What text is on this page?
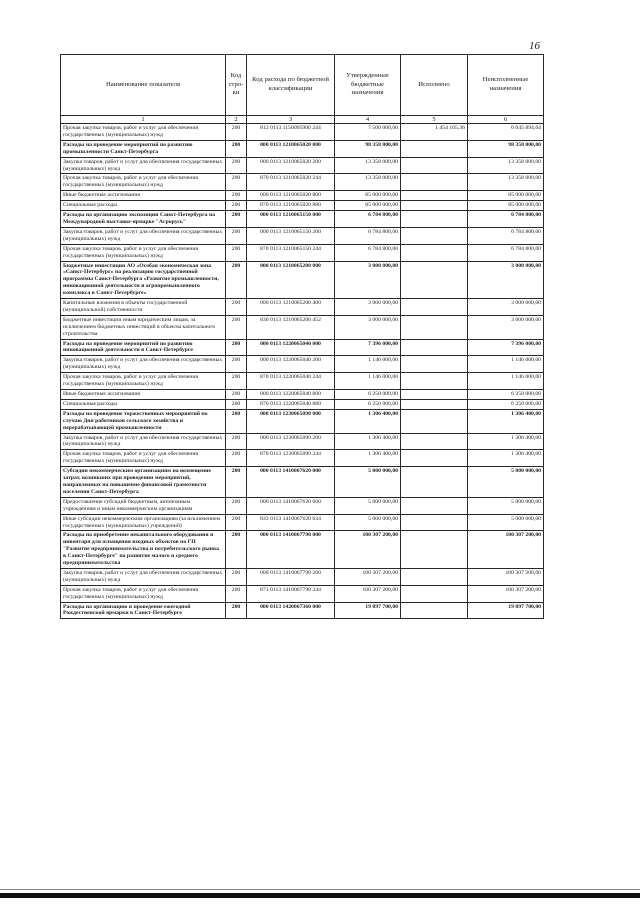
16
Наименование показателя	Код стро-ки	Код расхода по бюджетной классификации	Утвержденные бюджетные назначения	Исполнено	Неисполненные назначения
1	2	3	4	5	6
Прочая закупка товаров, работ и услуг для обеспечения государственных (муниципальных) нужд	200	812 0113 1150095900 244	7 500 000,00	1 454 105,36	6 045 894,64
Расходы на проведение мероприятий по развитию промышленности Санкт-Петербурга	200	000 0113 1210065020 000	98 358 000,00		98 358 000,00
Закупка товаров, работ и услуг для обеспечения государственных (муниципальных) нужд	200	000 0113 1210065020 200	13 358 000,00		13 358 000,00
Прочая закупка товаров, работ и услуг для обеспечения государственных (муниципальных) нужд	200	870 0113 1210065020 244	13 358 000,00		13 358 000,00
Иные бюджетные ассигнования	200	000 0113 1210065020 800	85 000 000,00		85 000 000,00
Специальные расходы	200	870 0113 1210065020 880	85 000 000,00		85 000 000,00
Расходы на организацию экспозиции Санкт-Петербурга на Международной выставке-ярмарке "Агрорусь"	200	000 0113 1210065150 000	6 784 800,00		6 784 800,00
Закупка товаров, работ и услуг для обеспечения государственных (муниципальных) нужд	200	000 0113 1210065150 200	6 784 800,00		6 784 800,00
Прочая закупка товаров, работ и услуг для обеспечения государственных (муниципальных) нужд	200	870 0113 1210065150 244	6 784 800,00		6 784 800,00
Бюджетные инвестиции АО «Особая экономическая зона «Санкт-Петербург» на реализацию государственной программы Санкт-Петербурга «Развитие промышленности, инновационной деятельности и агропромышленного комплекса в Санкт-Петербурге»	200	000 0113 1210065200 000	3 000 000,00		3 000 000,00
Капитальные вложения в объекты государственной (муниципальной) собственности	200	000 0113 1210065200 400	3 000 000,00		3 000 000,00
Бюджетные инвестиции иным юридическим лицам, за исключением бюджетных инвестиций в объекты капитального строительства	200	830 0113 1210065200 452	3 000 000,00		3 000 000,00
Расходы на проведение мероприятий по развитию инновационной деятельности в Санкт-Петербурге	200	000 0113 1220065040 000	7 396 000,00		7 396 000,00
Закупка товаров, работ и услуг для обеспечения государственных (муниципальных) нужд	200	000 0113 1220065040 200	1 146 000,00		1 146 000,00
Прочая закупка товаров, работ и услуг для обеспечения государственных (муниципальных) нужд	200	870 0113 1220065040 244	1 146 000,00		1 146 000,00
Иные бюджетные ассигнования	200	000 0113 1220065040 800	6 250 000,00		6 250 000,00
Специальные расходы	200	870 0113 1220065040 880	6 250 000,00		6 250 000,00
Расходы на проведение торжественных мероприятий по случаю Дня работников сельского хозяйства и перерабатывающей промышленности	200	000 0113 1230065090 000	1 306 400,00		1 306 400,00
Закупка товаров, работ и услуг для обеспечения государственных (муниципальных) нужд	200	000 0113 1230065090 200	1 306 400,00		1 306 400,00
Прочая закупка товаров, работ и услуг для обеспечения государственных (муниципальных) нужд	200	870 0113 1230065090 244	1 306 400,00		1 306 400,00
Субсидии некоммерческим организациям на возмещение затрат, возникших при проведении мероприятий, направленных на повышение финансовой грамотности населения Санкт-Петербурга	200	000 0113 1410067620 000	5 000 000,00		5 000 000,00
Предоставление субсидий бюджетным, автономным учреждениям и иным некоммерческим организациям	200	000 0113 1410067620 600	5 000 000,00		5 000 000,00
Иные субсидии некоммерческим организациям (за исключением государственных (муниципальных) учреждений)	200	833 0113 1410067620 634	5 000 000,00		5 000 000,00
Расходы на приобретение некапитального оборудования и инвентаря для оснащения входных объектов по ГП "Развитие предпринимательства и потребительского рынка в Санкт-Петербурге" на развитие малого и среднего предпринимательства	200	000 0113 1410067790 000	100 307 200,00		100 307 200,00
Закупка товаров, работ и услуг для обеспечения государственных (муниципальных) нужд	200	000 0113 1410067790 200	100 307 200,00		100 307 200,00
Прочая закупка товаров, работ и услуг для обеспечения государственных (муниципальных) нужд	200	871 0113 1410067790 244	100 307 200,00		100 307 200,00
Расходы на организацию и проведение ежегодной Рождественской ярмарки в Санкт-Петербурге	200	000 0113 1420067360 000	19 897 700,00		19 897 700,00
